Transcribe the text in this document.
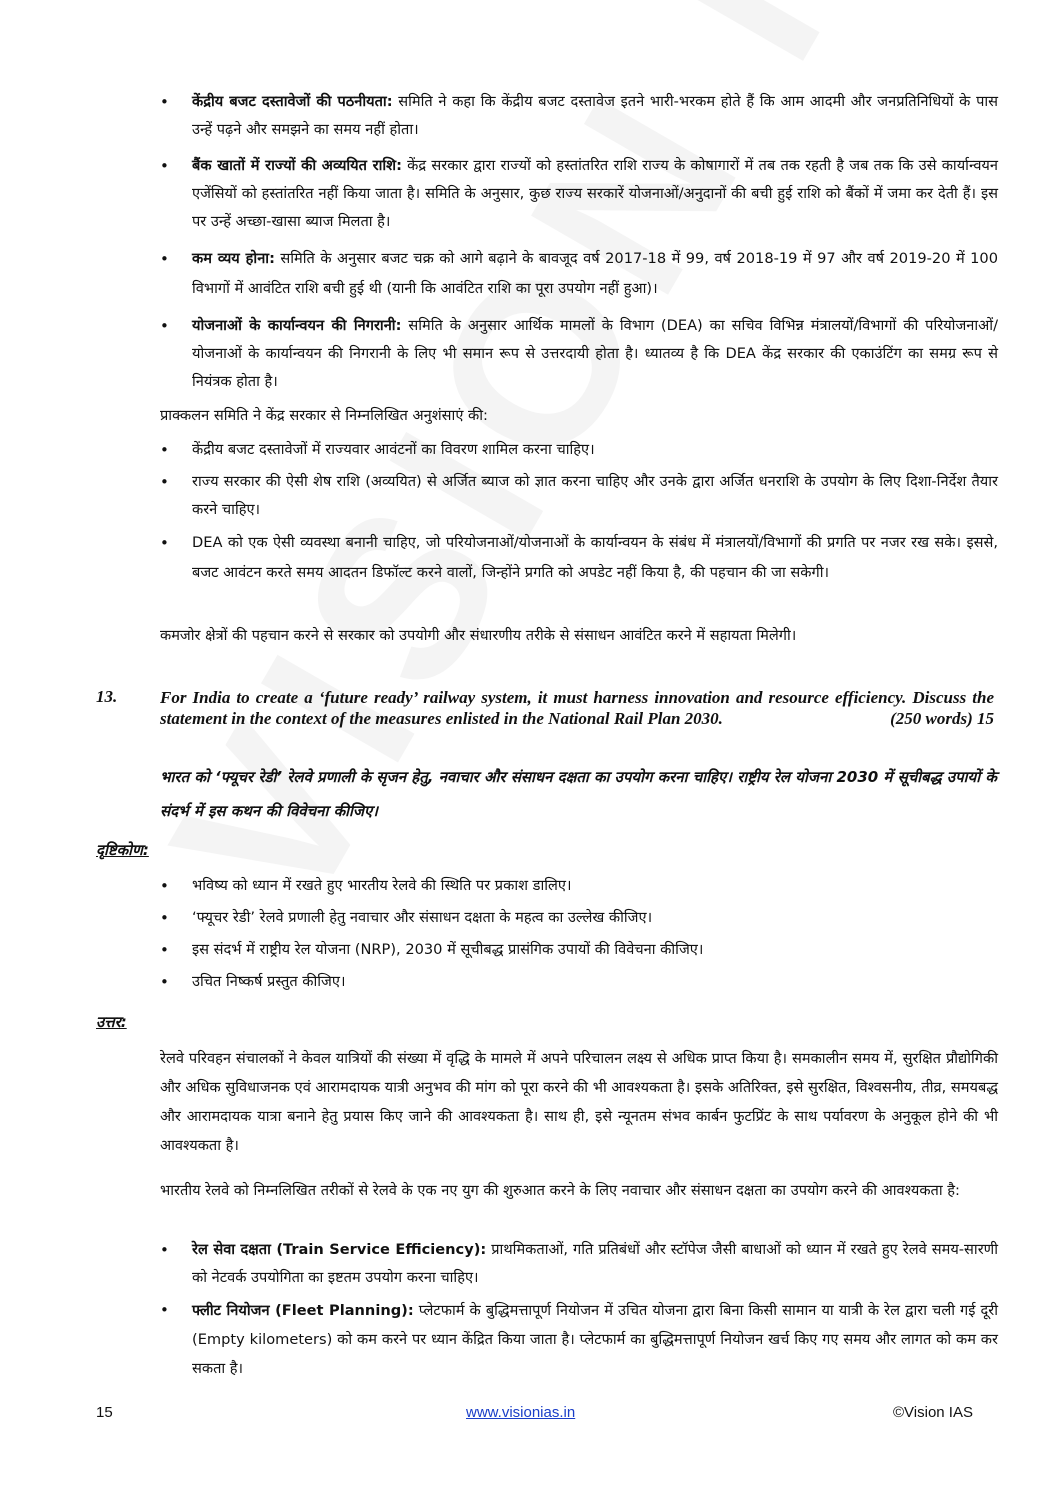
• केंद्रीय बजट दस्तावेजों की पठनीयता: समिति ने कहा कि केंद्रीय बजट दस्तावेज इतने भारी-भरकम होते हैं कि आम आदमी और जनप्रतिनिधियों के पास उन्हें पढ़ने और समझने का समय नहीं होता।
• बैंक खातों में राज्यों की अव्ययित राशि: केंद्र सरकार द्वारा राज्यों को हस्तांतरित राशि राज्य के कोषागारों में तब तक रहती है जब तक कि उसे कार्यान्वयन एजेंसियों को हस्तांतरित नहीं किया जाता है। समिति के अनुसार, कुछ राज्य सरकारें योजनाओं/अनुदानों की बची हुई राशि को बैंकों में जमा कर देती हैं। इस पर उन्हें अच्छा-खासा ब्याज मिलता है।
• कम व्यय होना: समिति के अनुसार बजट चक्र को आगे बढ़ाने के बावजूद वर्ष 2017-18 में 99, वर्ष 2018-19 में 97 और वर्ष 2019-20 में 100 विभागों में आवंटित राशि बची हुई थी (यानी कि आवंटित राशि का पूरा उपयोग नहीं हुआ)।
• योजनाओं के कार्यान्वयन की निगरानी: समिति के अनुसार आर्थिक मामलों के विभाग (DEA) का सचिव विभिन्न मंत्रालयों/विभागों की परियोजनाओं/योजनाओं के कार्यान्वयन की निगरानी के लिए भी समान रूप से उत्तरदायी होता है। ध्यातव्य है कि DEA केंद्र सरकार की एकाउंटिंग का समग्र रूप से नियंत्रक होता है।
प्राक्कलन समिति ने केंद्र सरकार से निम्नलिखित अनुशंसाएं की:
• केंद्रीय बजट दस्तावेजों में राज्यवार आवंटनों का विवरण शामिल करना चाहिए।
• राज्य सरकार की ऐसी शेष राशि (अव्ययित) से अर्जित ब्याज को ज्ञात करना चाहिए और उनके द्वारा अर्जित धनराशि के उपयोग के लिए दिशा-निर्देश तैयार करने चाहिए।
• DEA को एक ऐसी व्यवस्था बनानी चाहिए, जो परियोजनाओं/योजनाओं के कार्यान्वयन के संबंध में मंत्रालयों/विभागों की प्रगति पर नजर रख सके। इससे, बजट आवंटन करते समय आदतन डिफॉल्ट करने वालों, जिन्होंने प्रगति को अपडेट नहीं किया है, की पहचान की जा सकेगी।
कमजोर क्षेत्रों की पहचान करने से सरकार को उपयोगी और संधारणीय तरीके से संसाधन आवंटित करने में सहायता मिलेगी।
13.	For India to create a ‘future ready’ railway system, it must harness innovation and resource efficiency. Discuss the statement in the context of the measures enlisted in the National Rail Plan 2030.	(250 words) 15
भारत को ‘फ्यूचर रेडी’ रेलवे प्रणाली के सृजन हेतु, नवाचार और संसाधन दक्षता का उपयोग करना चाहिए। राष्ट्रीय रेल योजना 2030 में सूचीबद्ध उपायों के संदर्भ में इस कथन की विवेचना कीजिए।
दृष्टिकोण:
• भविष्य को ध्यान में रखते हुए भारतीय रेलवे की स्थिति पर प्रकाश डालिए।
• ‘फ्यूचर रेडी’ रेलवे प्रणाली हेतु नवाचार और संसाधन दक्षता के महत्व का उल्लेख कीजिए।
• इस संदर्भ में राष्ट्रीय रेल योजना (NRP), 2030 में सूचीबद्ध प्रासंगिक उपायों की विवेचना कीजिए।
• उचित निष्कर्ष प्रस्तुत कीजिए।
उत्तर:
रेलवे परिवहन संचालकों ने केवल यात्रियों की संख्या में वृद्धि के मामले में अपने परिचालन लक्ष्य से अधिक प्राप्त किया है। समकालीन समय में, सुरक्षित प्रौद्योगिकी और अधिक सुविधाजनक एवं आरामदायक यात्री अनुभव की मांग को पूरा करने की भी आवश्यकता है। इसके अतिरिक्त, इसे सुरक्षित, विश्वसनीय, तीव्र, समयबद्ध और आरामदायक यात्रा बनाने हेतु प्रयास किए जाने की आवश्यकता है। साथ ही, इसे न्यूनतम संभव कार्बन फुटप्रिंट के साथ पर्यावरण के अनुकूल होने की भी आवश्यकता है।
भारतीय रेलवे को निम्नलिखित तरीकों से रेलवे के एक नए युग की शुरुआत करने के लिए नवाचार और संसाधन दक्षता का उपयोग करने की आवश्यकता है:
• रेल सेवा दक्षता (Train Service Efficiency): प्राथमिकताओं, गति प्रतिबंधों और स्टॉपेज जैसी बाधाओं को ध्यान में रखते हुए रेलवे समय-सारणी को नेटवर्क उपयोगिता का इष्टतम उपयोग करना चाहिए।
• फ्लीट नियोजन (Fleet Planning): प्लेटफार्म के बुद्धिमत्तापूर्ण नियोजन में उचित योजना द्वारा बिना किसी सामान या यात्री के रेल द्वारा चली गई दूरी (Empty kilometers) को कम करने पर ध्यान केंद्रित किया जाता है। प्लेटफार्म का बुद्धिमत्तापूर्ण नियोजन खर्च किए गए समय और लागत को कम कर सकता है।
15	www.visionias.in	©Vision IAS
